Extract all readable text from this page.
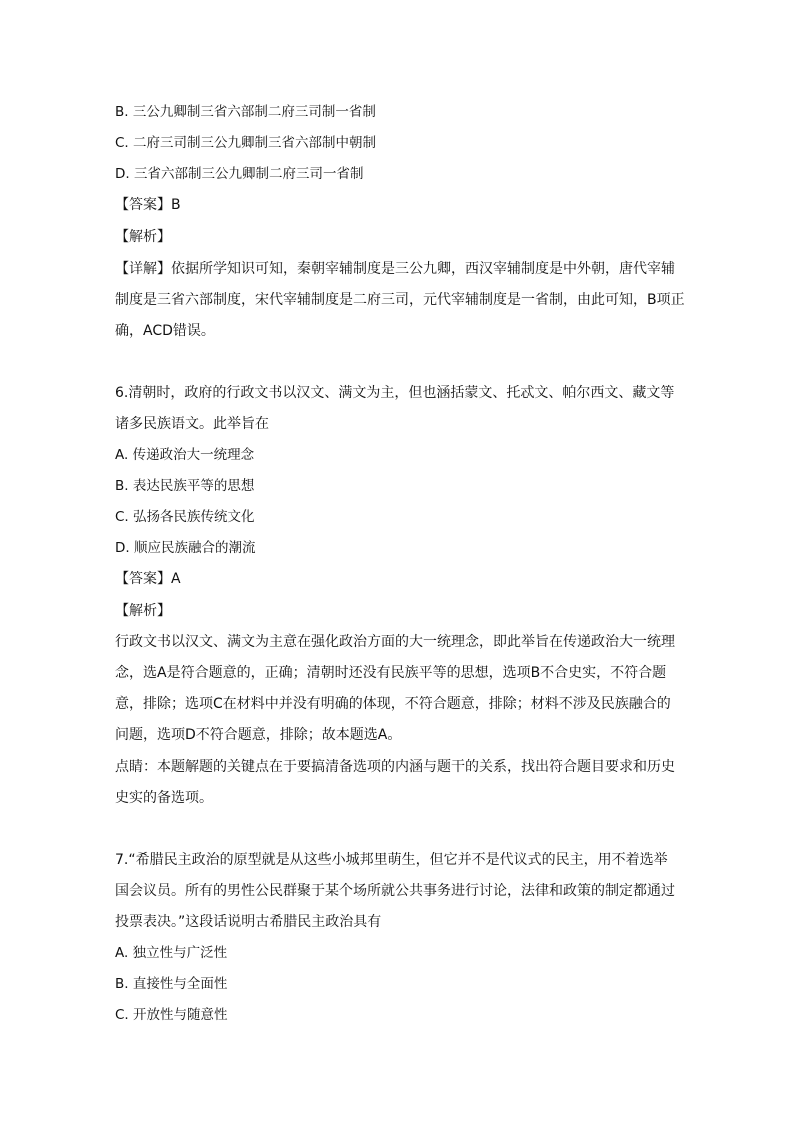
B. 三公九卿制三省六部制二府三司制一省制
C. 二府三司制三公九卿制三省六部制中朝制
D. 三省六部制三公九卿制二府三司一省制
【答案】B
【解析】
【详解】依据所学知识可知，秦朝宰辅制度是三公九卿，西汉宰辅制度是中外朝，唐代宰辅
制度是三省六部制度，宋代宰辅制度是二府三司，元代宰辅制度是一省制，由此可知，B项正
确，ACD错误。
6.清朝时，政府的行政文书以汉文、满文为主，但也涵括蒙文、托忒文、帕尔西文、藏文等
诸多民族语文。此举旨在
A. 传递政治大一统理念
B. 表达民族平等的思想
C. 弘扬各民族传统文化
D. 顺应民族融合的潮流
【答案】A
【解析】
行政文书以汉文、满文为主意在强化政治方面的大一统理念，即此举旨在传递政治大一统理
念，选A是符合题意的，正确；清朝时还没有民族平等的思想，选项B不合史实，不符合题
意，排除；选项C在材料中并没有明确的体现，不符合题意，排除；材料不涉及民族融合的
问题，选项D不符合题意，排除；故本题选A。
点睛：本题解题的关键点在于要搞清备选项的内涵与题干的关系，找出符合题目要求和历史
史实的备选项。
7.“希腊民主政治的原型就是从这些小城邦里萌生，但它并不是代议式的民主，用不着选举
国会议员。所有的男性公民群聚于某个场所就公共事务进行讨论，法律和政策的制定都通过
投票表决。”这段话说明古希腊民主政治具有
A. 独立性与广泛性
B. 直接性与全面性
C. 开放性与随意性
